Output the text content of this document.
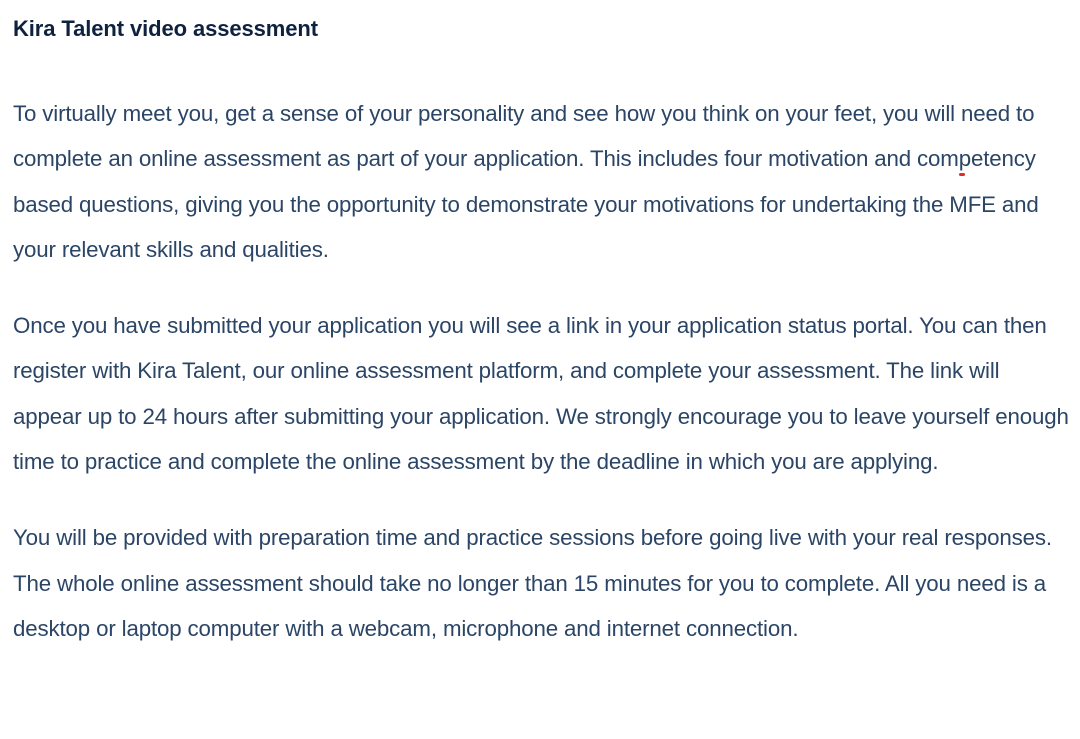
Kira Talent video assessment

To virtually meet you, get a sense of your personality and see how you think on your feet, you will need to complete an online assessment as part of your application.
This includes four motivation and competency based questions, giving you the opportunity to demonstrate your motivations for undertaking the MFE and your relevant skills and qualities.

Once you have submitted your application you will see a link in your application status portal. You can then register with Kira Talent, our online assessment platform, and complete your assessment. The link will appear up to 24 hours after submitting your application. We strongly encourage you to leave yourself enough time to practice and complete the online assessment by the deadline in which you are applying.

You will be provided with preparation time and practice sessions before going live with your real responses. The whole online assessment should take no longer than 15 minutes for you to complete. All you need is a desktop or laptop computer with a webcam, microphone and internet connection.
